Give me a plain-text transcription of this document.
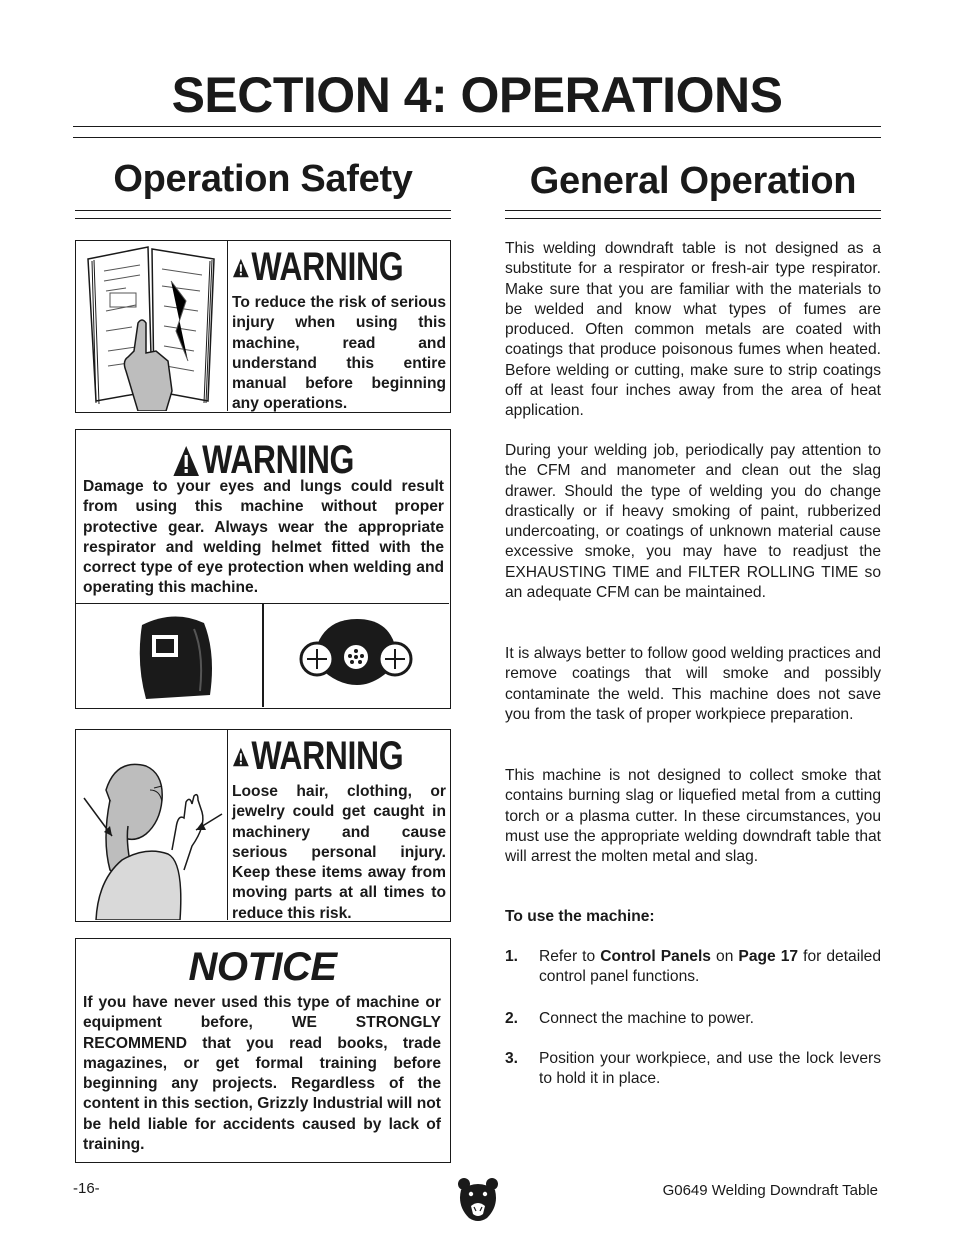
SECTION 4: OPERATIONS
Operation Safety	General Operation
WARNING
To reduce the risk of serious injury when using this machine, read and understand this entire manual before beginning any operations.
WARNING
Damage to your eyes and lungs could result from using this machine without proper protective gear. Always wear the appropriate respirator and welding helmet fitted with the correct type of eye protection when welding and operating this machine.
WARNING
Loose hair, clothing, or jewelry could get caught in machinery and cause serious personal injury. Keep these items away from moving parts at all times to reduce this risk.
NOTICE
If you have never used this type of machine or equipment before, WE STRONGLY RECOMMEND that you read books, trade magazines, or get formal training before beginning any projects. Regardless of the content in this section, Grizzly Industrial will not be held liable for accidents caused by lack of training.
This welding downdraft table is not designed as a substitute for a respirator or fresh-air type respirator. Make sure that you are familiar with the materials to be welded and know what types of fumes are produced. Often common metals are coated with coatings that produce poisonous fumes when heated. Before welding or cutting, make sure to strip coatings off at least four inches away from the area of heat application.
During your welding job, periodically pay attention to the CFM and manometer and clean out the slag drawer. Should the type of welding you do change drastically or if heavy smoking of paint, rubberized undercoating, or coatings of unknown material cause excessive smoke, you may have to readjust the EXHAUSTING TIME and FILTER ROLLING TIME so an adequate CFM can be maintained.
It is always better to follow good welding practices and remove coatings that will smoke and possibly contaminate the weld. This machine does not save you from the task of proper workpiece preparation.
This machine is not designed to collect smoke that contains burning slag or liquefied metal from a cutting torch or a plasma cutter. In these circumstances, you must use the appropriate welding downdraft table that will arrest the molten metal and slag.
To use the machine:
1. Refer to Control Panels on Page 17 for detailed control panel functions.
2. Connect the machine to power.
3. Position your workpiece, and use the lock levers to hold it in place.
-16-	G0649 Welding Downdraft Table
